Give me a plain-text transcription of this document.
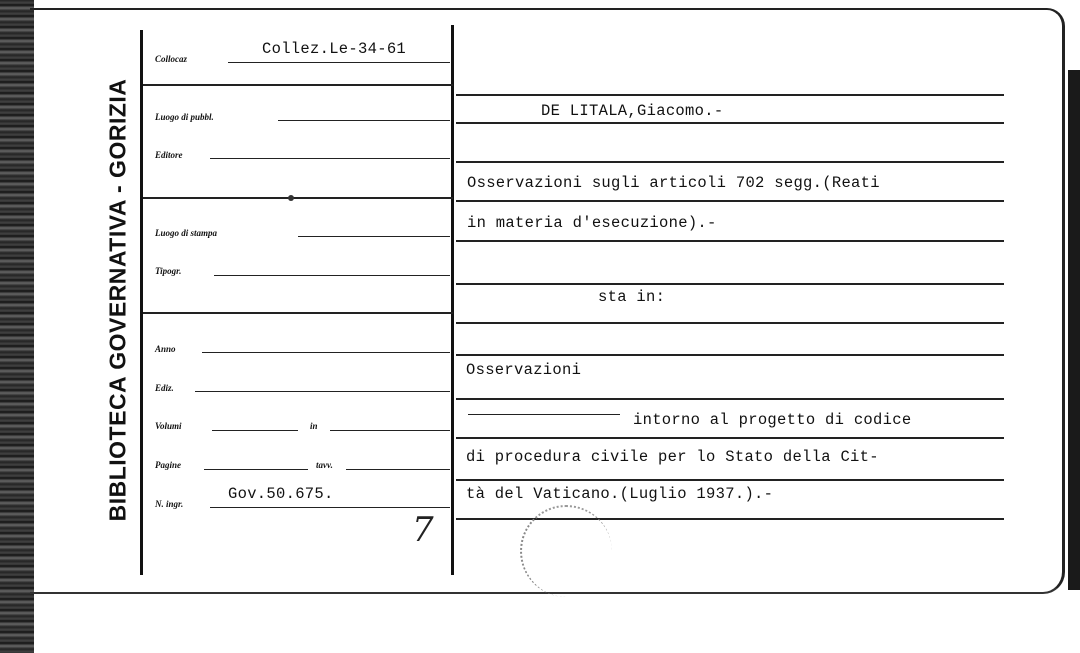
BIBLIOTECA GOVERNATIVA - GORIZIA
Collocaz
Luogo di pubbl.
Editore
Luogo di stampa
Tipogr.
Anno
Ediz.
Volumi	in
Pagine	tavv.
N. ingr.
Collez.Le-34-61
Gov.50.675.
DE LITALA,Giacomo.-
Osservazioni sugli articoli 702 segg.(Reati
in materia d'esecuzione).-
sta in:
Osservazioni
intorno al progetto di codice
di procedura civile per lo Stato della Cit-
tà del Vaticano.(Luglio 1937.).-
7
